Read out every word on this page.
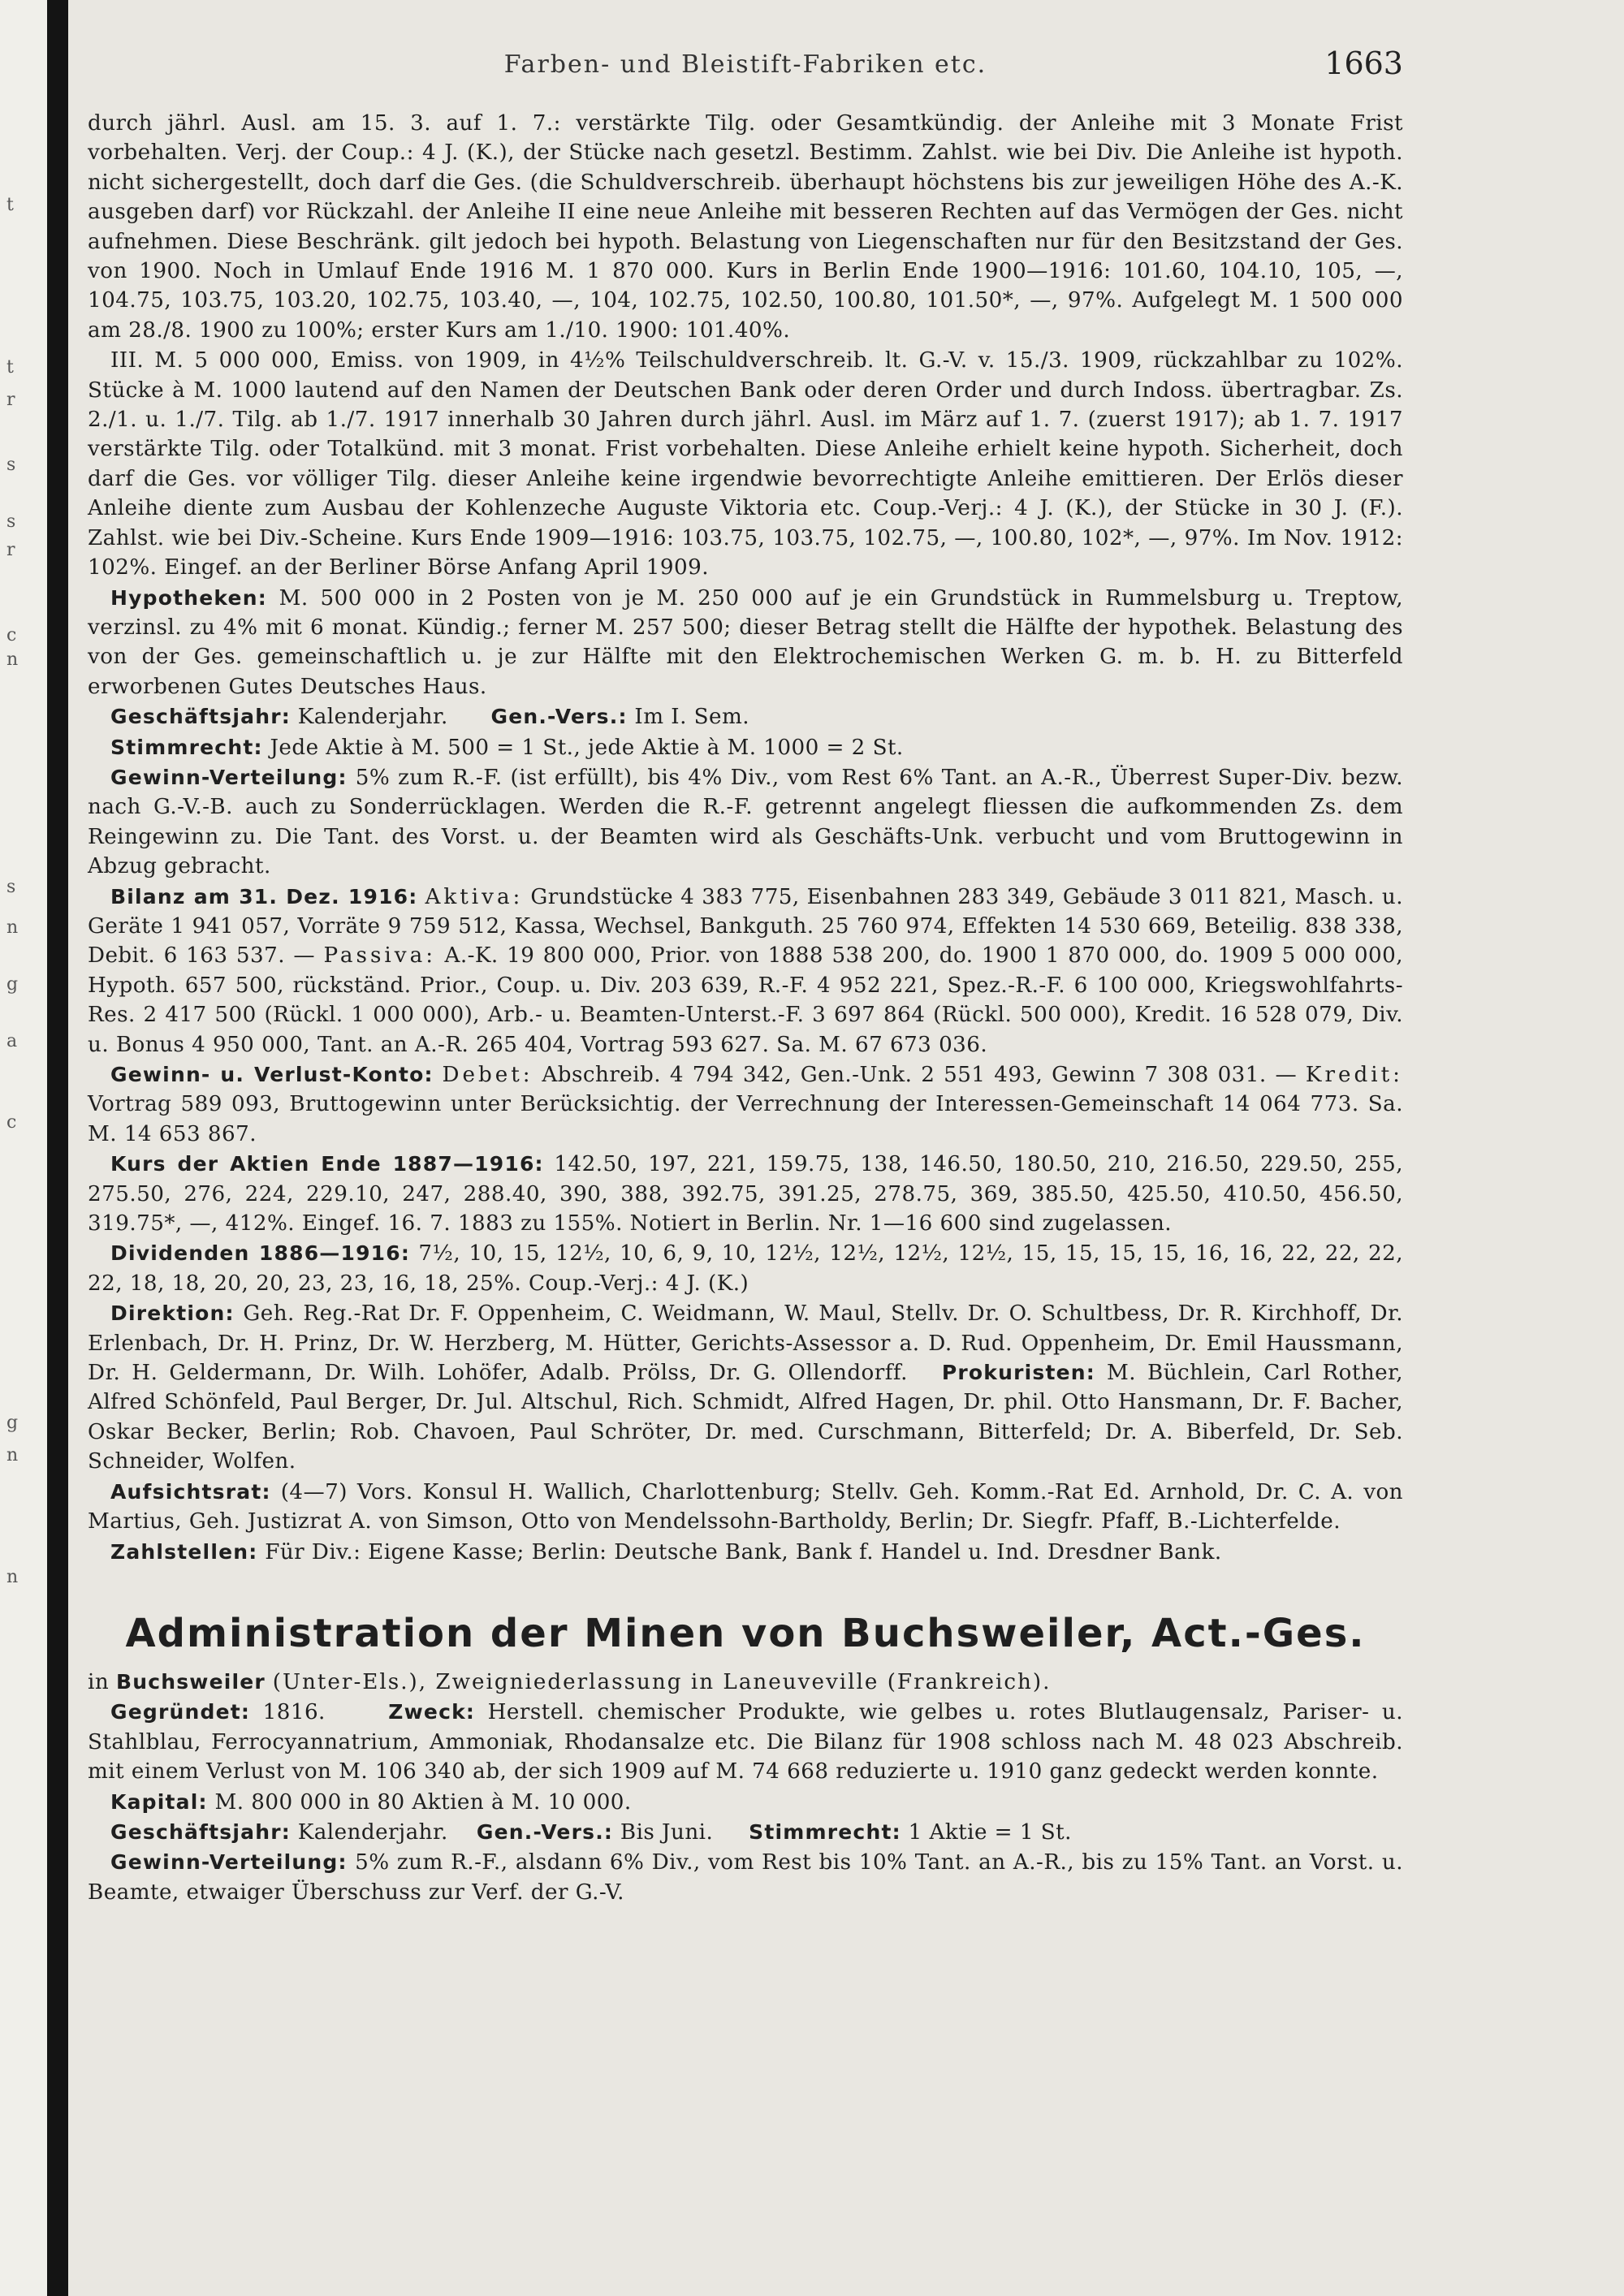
t
t
r
s
s
r
c
n
s
n
g
a
c
g
n
n
Farben- und Bleistift-Fabriken etc.	1663

durch jährl. Ausl. am 15. 3. auf 1. 7.: verstärkte Tilg. oder Gesamtkündig. der Anleihe mit 3 Monate Frist vorbehalten. Verj. der Coup.: 4 J. (K.), der Stücke nach gesetzl. Bestimm. Zahlst. wie bei Div. Die Anleihe ist hypoth. nicht sichergestellt, doch darf die Ges. (die Schuldverschreib. überhaupt höchstens bis zur jeweiligen Höhe des A.-K. ausgeben darf) vor Rückzahl. der Anleihe II eine neue Anleihe mit besseren Rechten auf das Vermögen der Ges. nicht aufnehmen. Diese Beschränk. gilt jedoch bei hypoth. Belastung von Liegenschaften nur für den Besitzstand der Ges. von 1900. Noch in Umlauf Ende 1916 M. 1 870 000. Kurs in Berlin Ende 1900—1916: 101.60, 104.10, 105, —, 104.75, 103.75, 103.20, 102.75, 103.40, —, 104, 102.75, 102.50, 100.80, 101.50*, —, 97%. Aufgelegt M. 1 500 000 am 28./8. 1900 zu 100%; erster Kurs am 1./10. 1900: 101.40%.

III. M. 5 000 000, Emiss. von 1909, in 4½% Teilschuldverschreib. lt. G.-V. v. 15./3. 1909, rückzahlbar zu 102%. Stücke à M. 1000 lautend auf den Namen der Deutschen Bank oder deren Order und durch Indoss. übertragbar. Zs. 2./1. u. 1./7. Tilg. ab 1./7. 1917 innerhalb 30 Jahren durch jährl. Ausl. im März auf 1. 7. (zuerst 1917); ab 1. 7. 1917 verstärkte Tilg. oder Totalkünd. mit 3 monat. Frist vorbehalten. Diese Anleihe erhielt keine hypoth. Sicherheit, doch darf die Ges. vor völliger Tilg. dieser Anleihe keine irgendwie bevorrechtigte Anleihe emittieren. Der Erlös dieser Anleihe diente zum Ausbau der Kohlenzeche Auguste Viktoria etc. Coup.-Verj.: 4 J. (K.), der Stücke in 30 J. (F.). Zahlst. wie bei Div.-Scheine. Kurs Ende 1909—1916: 103.75, 103.75, 102.75, —, 100.80, 102*, —, 97%. Im Nov. 1912: 102%. Eingef. an der Berliner Börse Anfang April 1909.

Hypotheken: M. 500 000 in 2 Posten von je M. 250 000 auf je ein Grundstück in Rummelsburg u. Treptow, verzinsl. zu 4% mit 6 monat. Kündig.; ferner M. 257 500; dieser Betrag stellt die Hälfte der hypothek. Belastung des von der Ges. gemeinschaftlich u. je zur Hälfte mit den Elektrochemischen Werken G. m. b. H. zu Bitterfeld erworbenen Gutes Deutsches Haus.

Geschäftsjahr: Kalenderjahr. Gen.-Vers.: Im I. Sem.

Stimmrecht: Jede Aktie à M. 500 = 1 St., jede Aktie à M. 1000 = 2 St.

Gewinn-Verteilung: 5% zum R.-F. (ist erfüllt), bis 4% Div., vom Rest 6% Tant. an A.-R., Überrest Super-Div. bezw. nach G.-V.-B. auch zu Sonderrücklagen. Werden die R.-F. getrennt angelegt fliessen die aufkommenden Zs. dem Reingewinn zu. Die Tant. des Vorst. u. der Beamten wird als Geschäfts-Unk. verbucht und vom Bruttogewinn in Abzug gebracht.

Bilanz am 31. Dez. 1916: Aktiva: Grundstücke 4 383 775, Eisenbahnen 283 349, Gebäude 3 011 821, Masch. u. Geräte 1 941 057, Vorräte 9 759 512, Kassa, Wechsel, Bankguth. 25 760 974, Effekten 14 530 669, Beteilig. 838 338, Debit. 6 163 537. — Passiva: A.-K. 19 800 000, Prior. von 1888 538 200, do. 1900 1 870 000, do. 1909 5 000 000, Hypoth. 657 500, rückständ. Prior., Coup. u. Div. 203 639, R.-F. 4 952 221, Spez.-R.-F. 6 100 000, Kriegswohlfahrts-Res. 2 417 500 (Rückl. 1 000 000), Arb.- u. Beamten-Unterst.-F. 3 697 864 (Rückl. 500 000), Kredit. 16 528 079, Div. u. Bonus 4 950 000, Tant. an A.-R. 265 404, Vortrag 593 627. Sa. M. 67 673 036.

Gewinn- u. Verlust-Konto: Debet: Abschreib. 4 794 342, Gen.-Unk. 2 551 493, Gewinn 7 308 031. — Kredit: Vortrag 589 093, Bruttogewinn unter Berücksichtig. der Verrechnung der Interessen-Gemeinschaft 14 064 773. Sa. M. 14 653 867.

Kurs der Aktien Ende 1887—1916: 142.50, 197, 221, 159.75, 138, 146.50, 180.50, 210, 216.50, 229.50, 255, 275.50, 276, 224, 229.10, 247, 288.40, 390, 388, 392.75, 391.25, 278.75, 369, 385.50, 425.50, 410.50, 456.50, 319.75*, —, 412%. Eingef. 16. 7. 1883 zu 155%. Notiert in Berlin. Nr. 1—16 600 sind zugelassen.

Dividenden 1886—1916: 7½, 10, 15, 12½, 10, 6, 9, 10, 12½, 12½, 12½, 12½, 15, 15, 15, 15, 16, 16, 22, 22, 22, 22, 18, 18, 20, 20, 23, 23, 16, 18, 25%. Coup.-Verj.: 4 J. (K.)

Direktion: Geh. Reg.-Rat Dr. F. Oppenheim, C. Weidmann, W. Maul, Stellv. Dr. O. Schultbess, Dr. R. Kirchhoff, Dr. Erlenbach, Dr. H. Prinz, Dr. W. Herzberg, M. Hütter, Gerichts-Assessor a. D. Rud. Oppenheim, Dr. Emil Haussmann, Dr. H. Geldermann, Dr. Wilh. Lohöfer, Adalb. Prölss, Dr. G. Ollendorff. Prokuristen: M. Büchlein, Carl Rother, Alfred Schönfeld, Paul Berger, Dr. Jul. Altschul, Rich. Schmidt, Alfred Hagen, Dr. phil. Otto Hansmann, Dr. F. Bacher, Oskar Becker, Berlin; Rob. Chavoen, Paul Schröter, Dr. med. Curschmann, Bitterfeld; Dr. A. Biberfeld, Dr. Seb. Schneider, Wolfen.

Aufsichtsrat: (4—7) Vors. Konsul H. Wallich, Charlottenburg; Stellv. Geh. Komm.-Rat Ed. Arnhold, Dr. C. A. von Martius, Geh. Justizrat A. von Simson, Otto von Mendelssohn-Bartholdy, Berlin; Dr. Siegfr. Pfaff, B.-Lichterfelde.

Zahlstellen: Für Div.: Eigene Kasse; Berlin: Deutsche Bank, Bank f. Handel u. Ind. Dresdner Bank.

Administration der Minen von Buchsweiler, Act.-Ges.

in Buchsweiler (Unter-Els.), Zweigniederlassung in Laneuveville (Frankreich).

Gegründet: 1816.	Zweck: Herstell. chemischer Produkte, wie gelbes u. rotes Blutlaugensalz, Pariser- u. Stahlblau, Ferrocyannatrium, Ammoniak, Rhodansalze etc. Die Bilanz für 1908 schloss nach M. 48 023 Abschreib. mit einem Verlust von M. 106 340 ab, der sich 1909 auf M. 74 668 reduzierte u. 1910 ganz gedeckt werden konnte.

Kapital: M. 800 000 in 80 Aktien à M. 10 000.

Geschäftsjahr: Kalenderjahr. Gen.-Vers.: Bis Juni. Stimmrecht: 1 Aktie = 1 St.

Gewinn-Verteilung: 5% zum R.-F., alsdann 6% Div., vom Rest bis 10% Tant. an A.-R., bis zu 15% Tant. an Vorst. u. Beamte, etwaiger Überschuss zur Verf. der G.-V.
